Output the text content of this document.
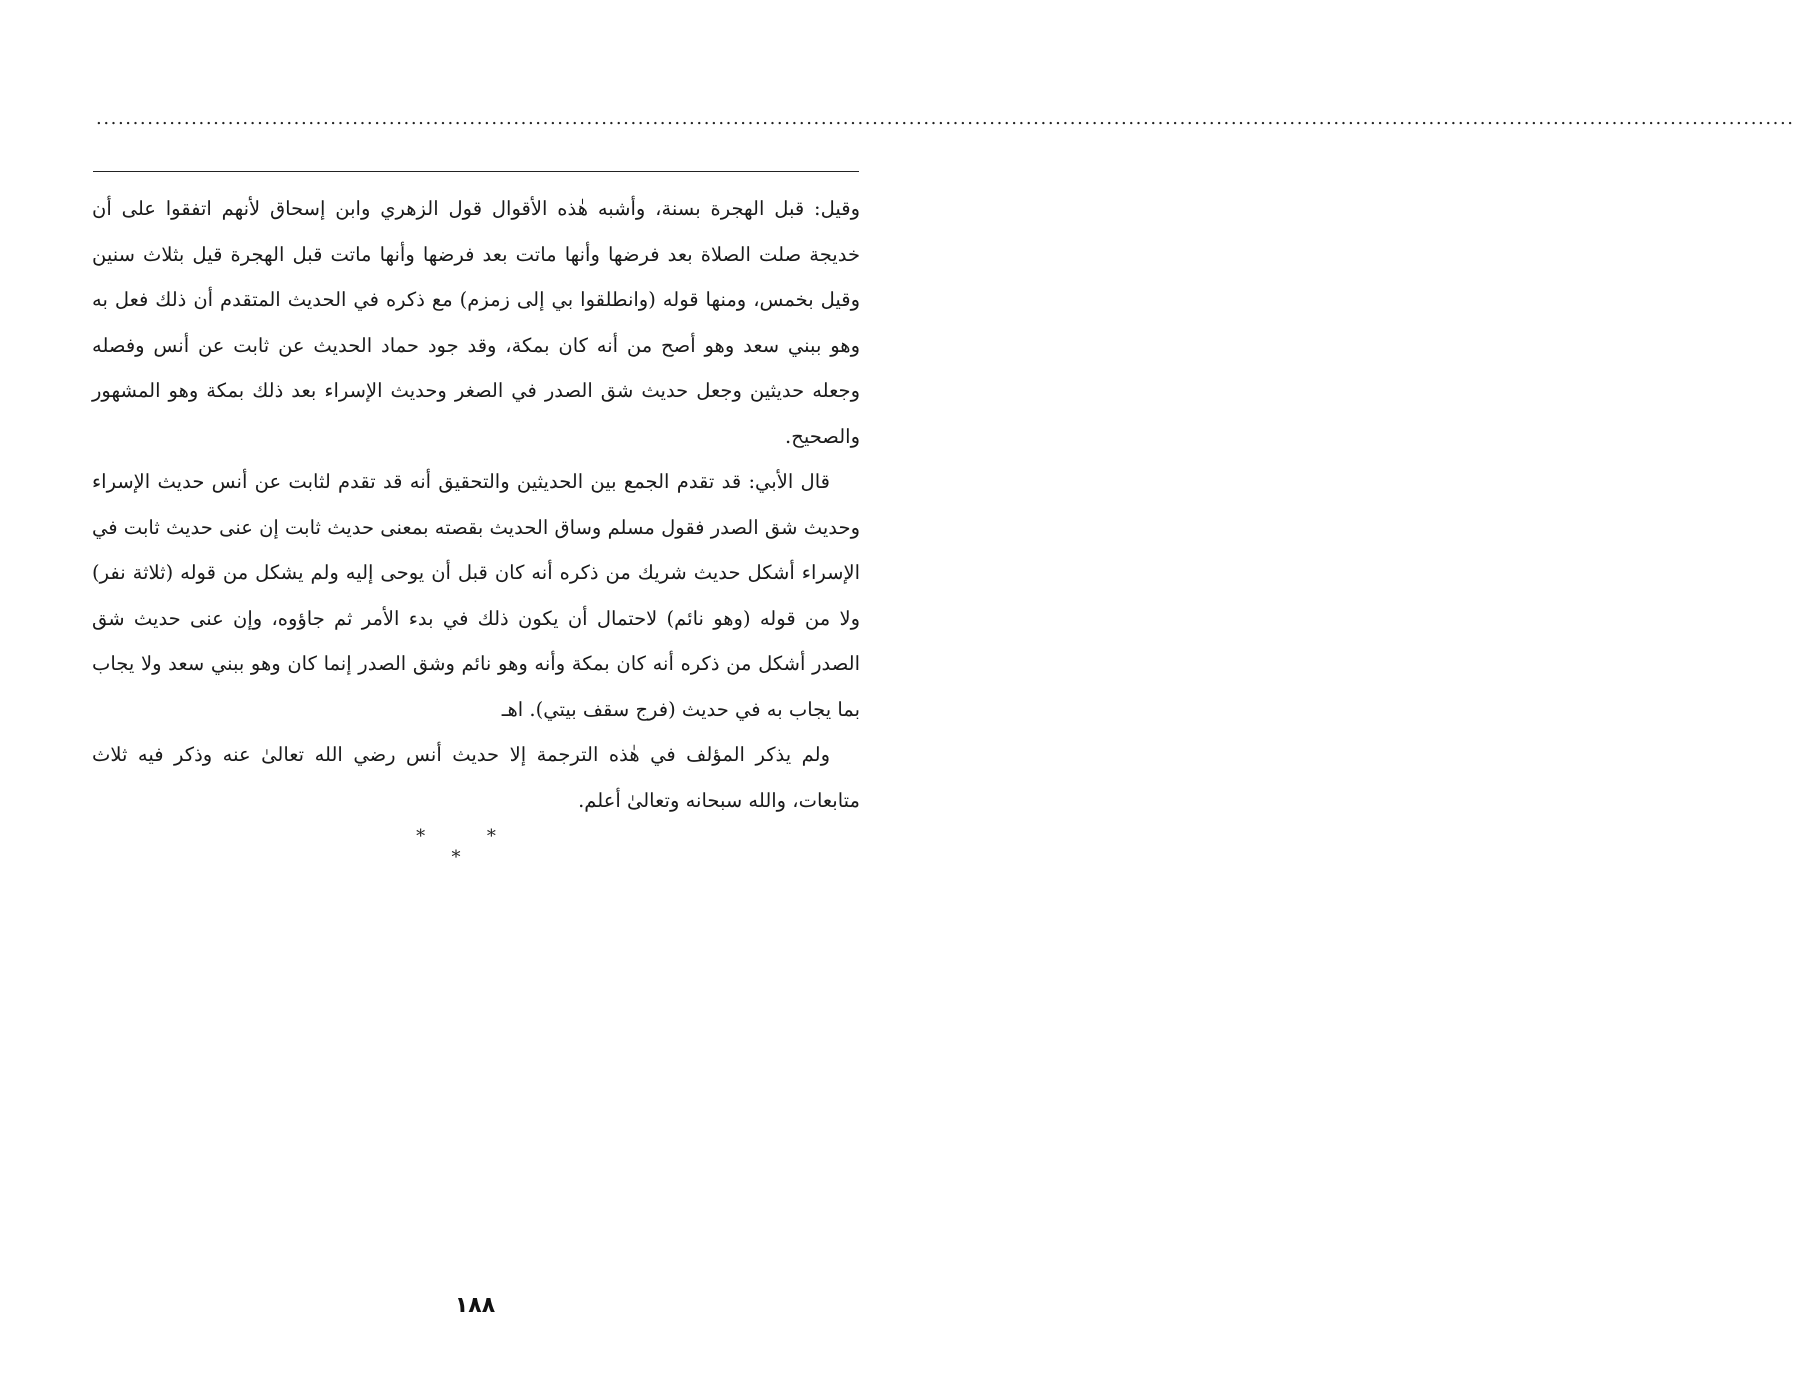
........................................................................................................................................................................................................................................

وقيل: قبل الهجرة بسنة، وأشبه هٰذه الأقوال قول الزهري وابن إسحاق لأنهم اتفقوا على أن خديجة صلت الصلاة بعد فرضها وأنها ماتت بعد فرضها وأنها ماتت قبل الهجرة قيل بثلاث سنين وقيل بخمس، ومنها قوله (وانطلقوا بي إلى زمزم) مع ذكره في الحديث المتقدم أن ذلك فعل به وهو ببني سعد وهو أصح من أنه كان بمكة، وقد جود حماد الحديث عن ثابت عن أنس وفصله وجعله حديثين وجعل حديث شق الصدر في الصغر وحديث الإسراء بعد ذلك بمكة وهو المشهور والصحيح.

قال الأبي: قد تقدم الجمع بين الحديثين والتحقيق أنه قد تقدم لثابت عن أنس حديث الإسراء وحديث شق الصدر فقول مسلم وساق الحديث بقصته بمعنى حديث ثابت إن عنى حديث ثابت في الإسراء أشكل حديث شريك من ذكره أنه كان قبل أن يوحى إليه ولم يشكل من قوله (ثلاثة نفر) ولا من قوله (وهو نائم) لاحتمال أن يكون ذلك في بدء الأمر ثم جاؤوه، وإن عنى حديث شق الصدر أشكل من ذكره أنه كان بمكة وأنه وهو نائم وشق الصدر إنما كان وهو ببني سعد ولا يجاب بما يجاب به في حديث (فرج سقف بيتي). اهـ

ولم يذكر المؤلف في هٰذه الترجمة إلا حديث أنس رضي الله تعالىٰ عنه وذكر فيه ثلاث متابعات، والله سبحانه وتعالىٰ أعلم.

* * *
١٨٨
